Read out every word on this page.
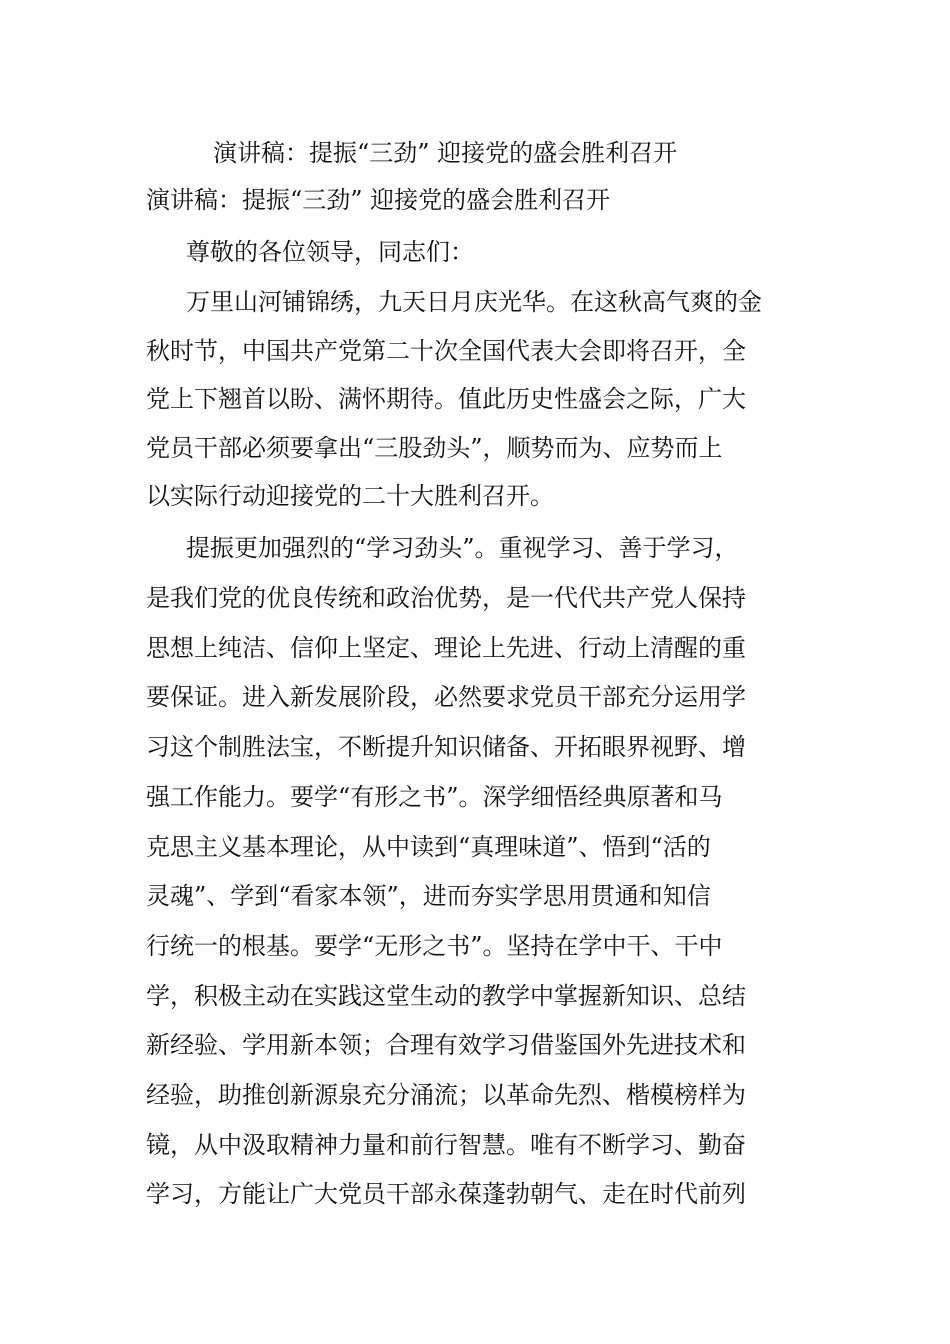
演讲稿：提振“三劲” 迎接党的盛会胜利召开

演讲稿：提振“三劲” 迎接党的盛会胜利召开

尊敬的各位领导，同志们：

万里山河铺锦绣，九天日月庆光华。在这秋高气爽的金

秋时节，中国共产党第二十次全国代表大会即将召开，全

党上下翘首以盼、满怀期待。值此历史性盛会之际，广大

党员干部必须要拿出“三股劲头”，顺势而为、应势而上

以实际行动迎接党的二十大胜利召开。

提振更加强烈的“学习劲头”。重视学习、善于学习，

是我们党的优良传统和政治优势，是一代代共产党人保持

思想上纯洁、信仰上坚定、理论上先进、行动上清醒的重

要保证。进入新发展阶段，必然要求党员干部充分运用学

习这个制胜法宝，不断提升知识储备、开拓眼界视野、增

强工作能力。要学“有形之书”。深学细悟经典原著和马

克思主义基本理论，从中读到“真理味道”、悟到“活的

灵魂”、学到“看家本领”，进而夯实学思用贯通和知信

行统一的根基。要学“无形之书”。坚持在学中干、干中

学，积极主动在实践这堂生动的教学中掌握新知识、总结

新经验、学用新本领；合理有效学习借鉴国外先进技术和

经验，助推创新源泉充分涌流；以革命先烈、楷模榜样为

镜，从中汲取精神力量和前行智慧。唯有不断学习、勤奋

学习，方能让广大党员干部永葆蓬勃朝气、走在时代前列
